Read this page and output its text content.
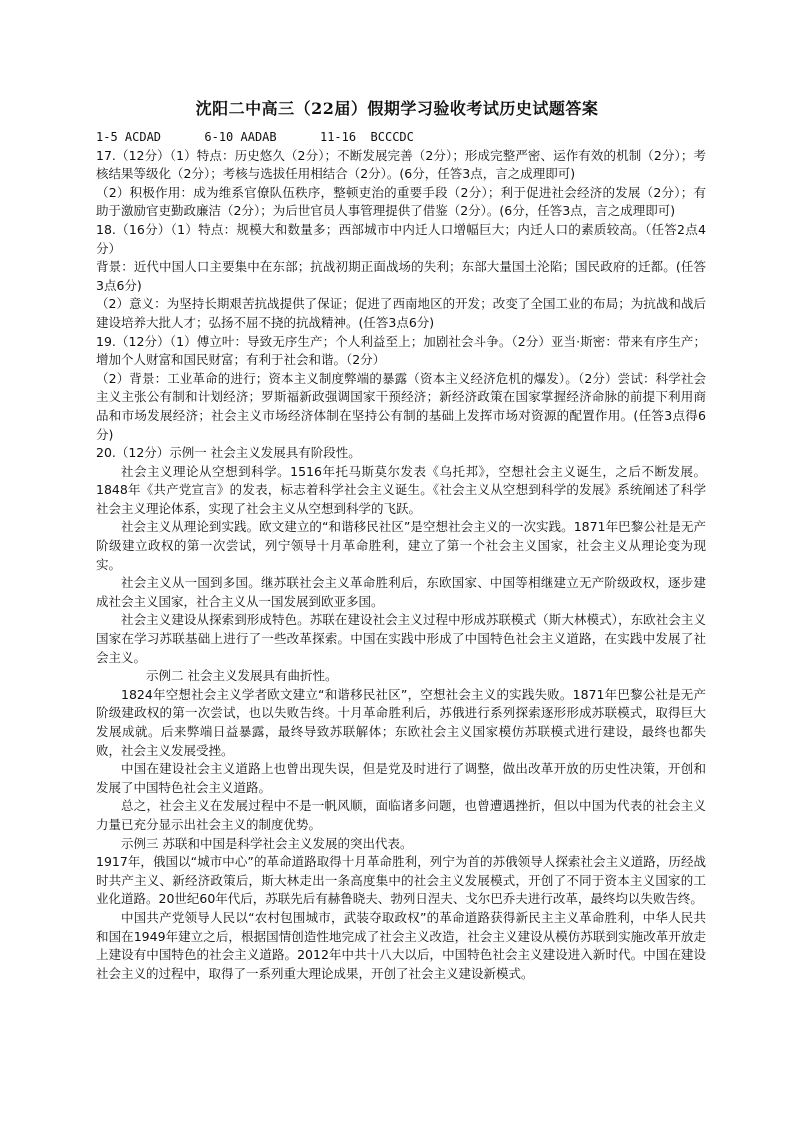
沈阳二中高三（22届）假期学习验收考试历史试题答案

1-5 ACDAD      6-10 AADAB      11-16  BCCCDC

17.（12分）（1）特点：历史悠久（2分）；不断发展完善（2分）；形成完整严密、运作有效的机制（2分）；考核结果等级化（2分）；考核与选拔任用相结合（2分）。(6分，任答3点，言之成理即可)

（2）积极作用：成为维系官僚队伍秩序，整顿吏治的重要手段（2分）；利于促进社会经济的发展（2分）；有助于激励官吏勤政廉洁（2分）；为后世官员人事管理提供了借鉴（2分）。(6分，任答3点，言之成理即可)

18.（16分）（1）特点：规模大和数量多；西部城市中内迁人口增幅巨大；内迁人口的素质较高。（任答2点4分）

背景：近代中国人口主要集中在东部；抗战初期正面战场的失利；东部大量国土沦陷；国民政府的迁都。(任答3点6分)

（2）意义：为坚持长期艰苦抗战提供了保证；促进了西南地区的开发；改变了全国工业的布局；为抗战和战后建设培养大批人才；弘扬不屈不挠的抗战精神。(任答3点6分)

19.（12分）（1）傅立叶：导致无序生产；个人利益至上；加剧社会斗争。（2分）亚当·斯密：带来有序生产；增加个人财富和国民财富；有利于社会和谐。（2分）

（2）背景：工业革命的进行；资本主义制度弊端的暴露（资本主义经济危机的爆发）。（2分）尝试：科学社会主义主张公有制和计划经济；罗斯福新政强调国家干预经济；新经济政策在国家掌握经济命脉的前提下利用商品和市场发展经济；社会主义市场经济体制在坚持公有制的基础上发挥市场对资源的配置作用。(任答3点得6分)

20.（12分）示例一 社会主义发展具有阶段性。

社会主义理论从空想到科学。1516年托马斯莫尔发表《乌托邦》，空想社会主义诞生，之后不断发展。1848年《共产党宣言》的发表，标志着科学社会主义诞生。《社会主义从空想到科学的发展》系统阐述了科学社会主义理论体系，实现了社会主义从空想到科学的飞跃。

社会主义从理论到实践。欧文建立的“和谐移民社区”是空想社会主义的一次实践。1871年巴黎公社是无产阶级建立政权的第一次尝试，列宁领导十月革命胜利，建立了第一个社会主义国家，社会主义从理论变为现实。

社会主义从一国到多国。继苏联社会主义革命胜利后，东欧国家、中国等相继建立无产阶级政权，逐步建成社会主义国家，社合主义从一国发展到欧亚多国。

社会主义建设从探索到形成特色。苏联在建设社会主义过程中形成苏联模式（斯大林模式），东欧社会主义国家在学习苏联基础上进行了一些改革探索。中国在实践中形成了中国特色社会主义道路，在实践中发展了社会主义。

示例二 社会主义发展具有曲折性。

1824年空想社会主义学者欧文建立“和谐移民社区”，空想社会主义的实践失败。1871年巴黎公社是无产阶级建政权的第一次尝试，也以失败告终。十月革命胜利后，苏俄进行系列探索逐形形成苏联模式，取得巨大发展成就。后来弊端日益暴露，最终导致苏联解体；东欧社会主义国家模仿苏联模式进行建设，最终也都失败，社会主义发展受挫。

中国在建设社会主义道路上也曾出现失误，但是党及时进行了调整，做出改革开放的历史性决策，开创和发展了中国特色社会主义道路。

总之，社会主义在发展过程中不是一帆风顺，面临诸多问题，也曾遭遇挫折，但以中国为代表的社会主义力量已充分显示出社会主义的制度优势。

示例三 苏联和中国是科学社会主义发展的突出代表。

1917年，俄国以“城市中心”的革命道路取得十月革命胜利，列宁为首的苏俄领导人探索社会主义道路，历经战时共产主义、新经济政策后，斯大林走出一条高度集中的社会主义发展模式，开创了不同于资本主义国家的工业化道路。20世纪60年代后，苏联先后有赫鲁晓夫、勃列日涅夫、戈尔巴乔夫进行改革，最终均以失败告终。

中国共产党领导人民以“农村包围城市，武装夺取政权”的革命道路获得新民主主义革命胜利，中华人民共和国在1949年建立之后，根据国情创造性地完成了社会主义改造，社会主义建设从模仿苏联到实施改革开放走上建设有中国特色的社会主义道路。2012年中共十八大以后，中国特色社会主义建设进入新时代。中国在建设社会主义的过程中，取得了一系列重大理论成果，开创了社会主义建设新模式。
